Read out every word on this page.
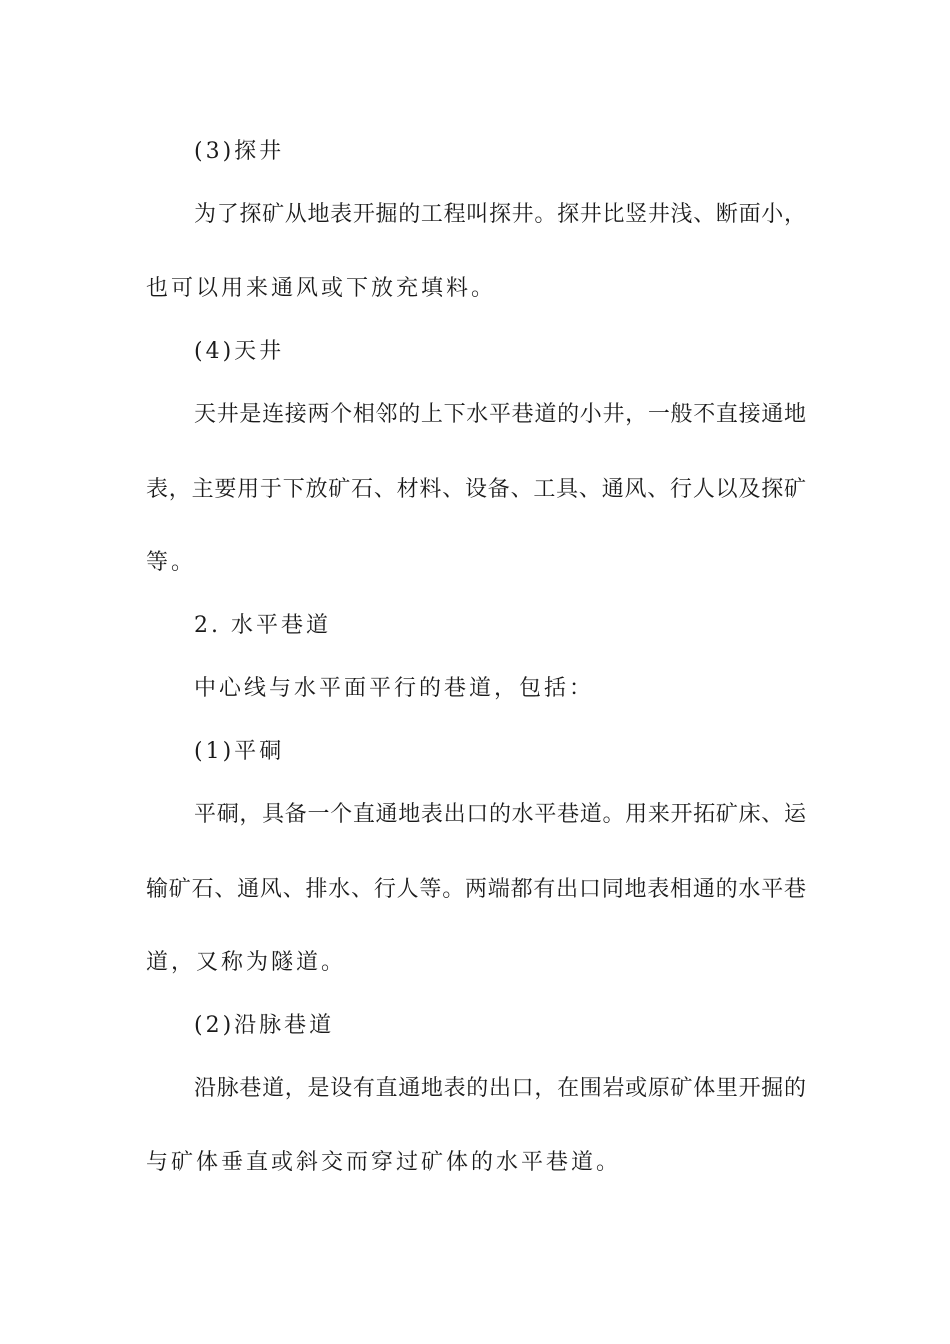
(3)探井
为了探矿从地表开掘的工程叫探井。探井比竖井浅、断面小，
也可以用来通风或下放充填料。
(4)天井
天井是连接两个相邻的上下水平巷道的小井，一般不直接通地
表，主要用于下放矿石、材料、设备、工具、通风、行人以及探矿
等。
2. 水平巷道
中心线与水平面平行的巷道，包括：
(1)平硐
平硐，具备一个直通地表出口的水平巷道。用来开拓矿床、运
输矿石、通风、排水、行人等。两端都有出口同地表相通的水平巷
道，又称为隧道。
(2)沿脉巷道
沿脉巷道，是设有直通地表的出口，在围岩或原矿体里开掘的
与矿体垂直或斜交而穿过矿体的水平巷道。
